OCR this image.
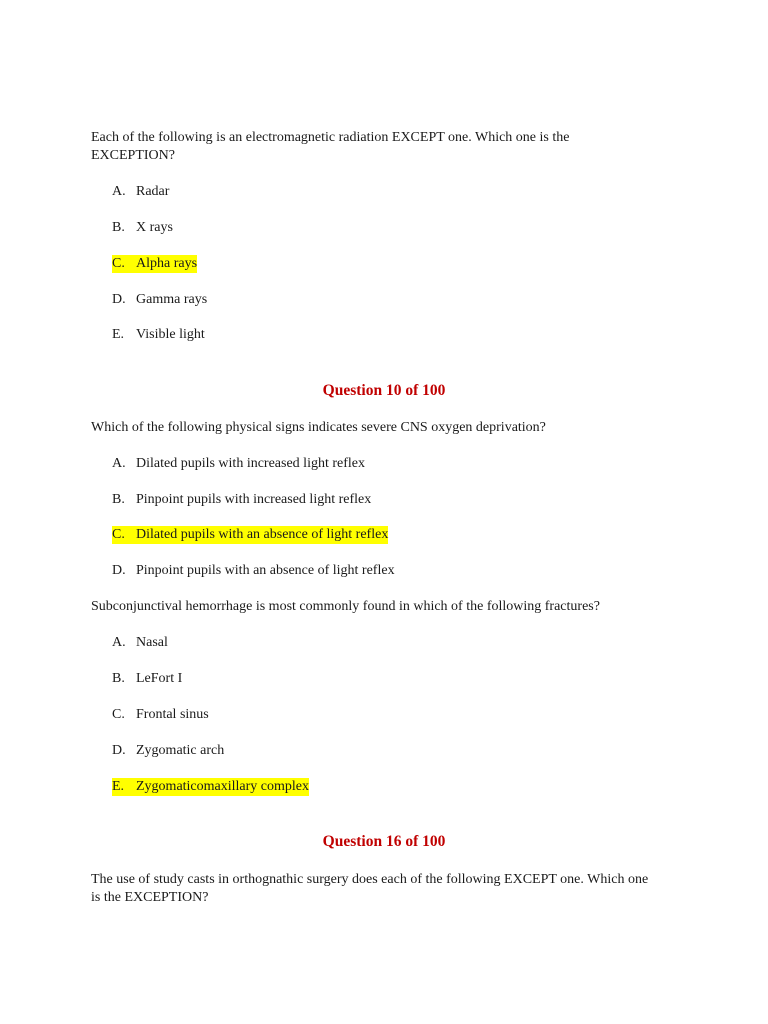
Each of the following is an electromagnetic radiation EXCEPT one. Which one is the EXCEPTION?

A. Radar
B. X rays
C. Alpha rays
D. Gamma rays
E. Visible light

Question 10 of 100

Which of the following physical signs indicates severe CNS oxygen deprivation?

A. Dilated pupils with increased light reflex
B. Pinpoint pupils with increased light reflex
C. Dilated pupils with an absence of light reflex
D. Pinpoint pupils with an absence of light reflex

Subconjunctival hemorrhage is most commonly found in which of the following fractures?

A. Nasal
B. LeFort I
C. Frontal sinus
D. Zygomatic arch
E. Zygomaticomaxillary complex

Question 16 of 100

The use of study casts in orthognathic surgery does each of the following EXCEPT one. Which one is the EXCEPTION?
